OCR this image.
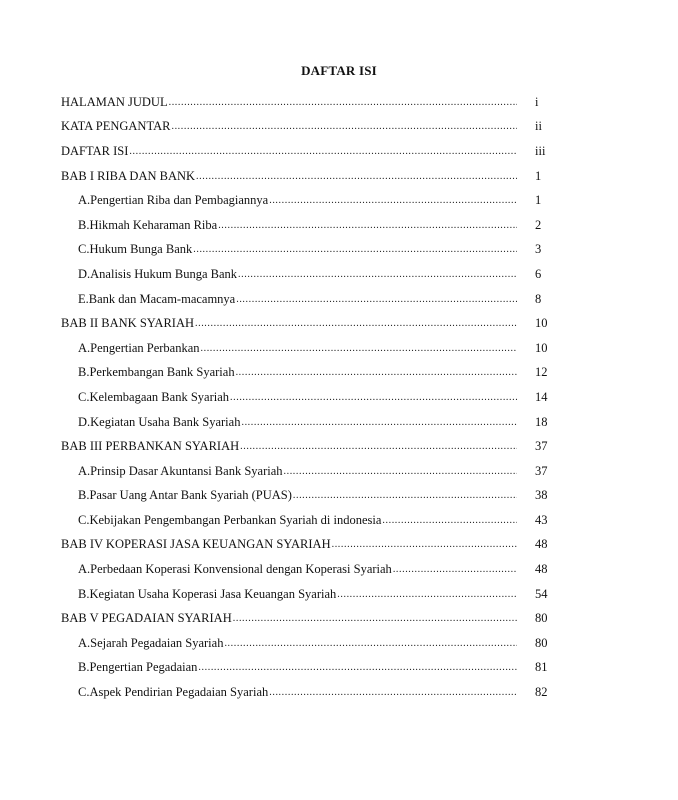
DAFTAR ISI
HALAMAN JUDUL .....	i
KATA PENGANTAR .....	ii
DAFTAR ISI .....	iii
BAB I RIBA DAN BANK .....	1
A. Pengertian Riba dan Pembagiannya .....	1
B. Hikmah Keharaman Riba .....	2
C. Hukum Bunga Bank .....	3
D. Analisis Hukum Bunga Bank .....	6
E. Bank dan Macam-macamnya .....	8
BAB II BANK SYARIAH .....	10
A. Pengertian Perbankan .....	10
B. Perkembangan Bank Syariah .....	12
C. Kelembagaan Bank Syariah .....	14
D. Kegiatan Usaha Bank Syariah .....	18
BAB III PERBANKAN SYARIAH .....	37
A. Prinsip Dasar Akuntansi Bank Syariah .....	37
B. Pasar Uang Antar Bank Syariah (PUAS) .....	38
C. Kebijakan Pengembangan Perbankan Syariah di indonesia .....	43
BAB IV KOPERASI JASA KEUANGAN SYARIAH .....	48
A. Perbedaan Koperasi Konvensional dengan Koperasi Syariah .....	48
B. Kegiatan Usaha Koperasi Jasa Keuangan Syariah .....	54
BAB V PEGADAIAN SYARIAH .....	80
A. Sejarah Pegadaian Syariah .....	80
B. Pengertian Pegadaian .....	81
C. Aspek Pendirian Pegadaian Syariah .....	82
